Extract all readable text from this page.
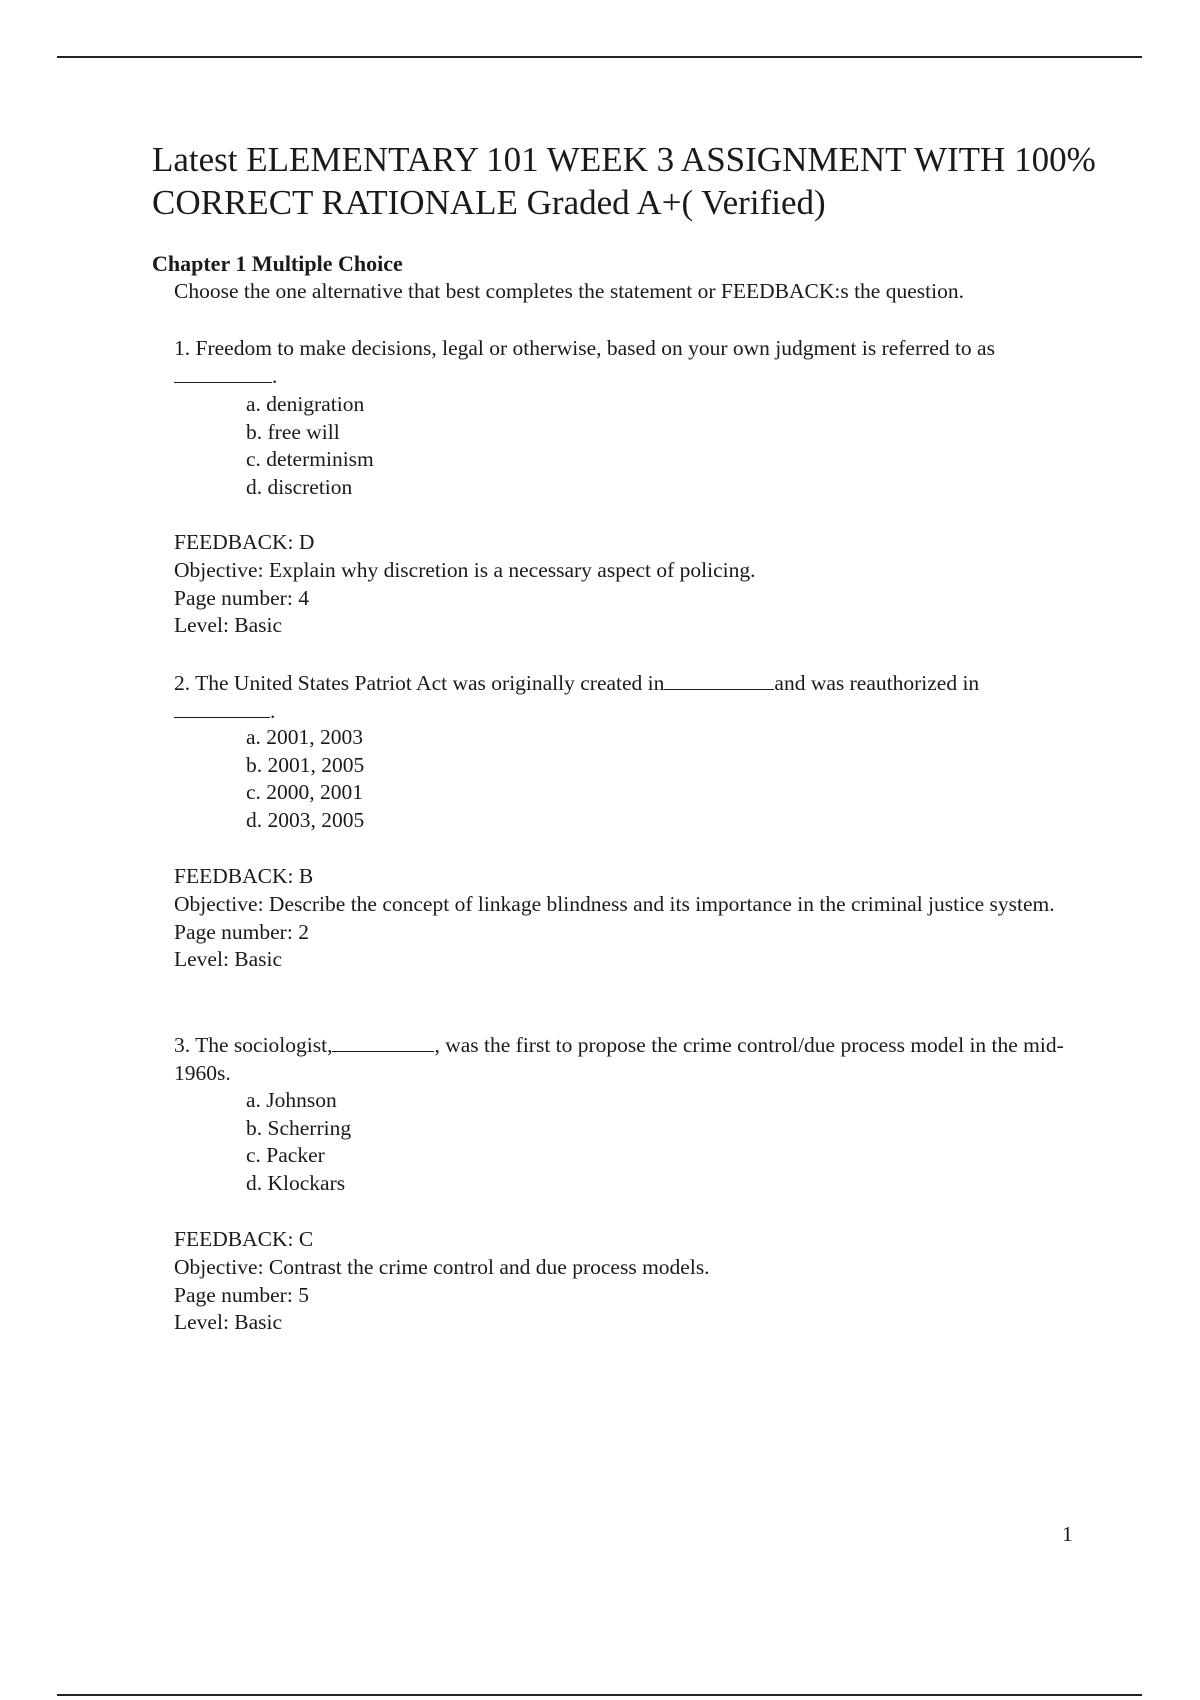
Latest ELEMENTARY 101 WEEK 3 ASSIGNMENT WITH 100% CORRECT RATIONALE Graded A+( Verified)
Chapter 1 Multiple Choice
Choose the one alternative that best completes the statement or FEEDBACK:s the question.
1. Freedom to make decisions, legal or otherwise, based on your own judgment is referred to as.
a. denigration
b. free will
c. determinism
d. discretion
FEEDBACK: D
Objective: Explain why discretion is a necessary aspect of policing.
Page number: 4
Level: Basic
2. The United States Patriot Act was originally created in	and was reauthorized in
.
a. 2001, 2003
b. 2001, 2005
c. 2000, 2001
d. 2003, 2005
FEEDBACK: B
Objective: Describe the concept of linkage blindness and its importance in the criminal justice system.
Page number: 2
Level: Basic
3. The sociologist,	, was the first to propose the crime control/due process model in the mid-1960s.
a. Johnson
b. Scherring
c. Packer
d. Klockars
FEEDBACK: C
Objective: Contrast the crime control and due process models.
Page number: 5
Level: Basic
1
